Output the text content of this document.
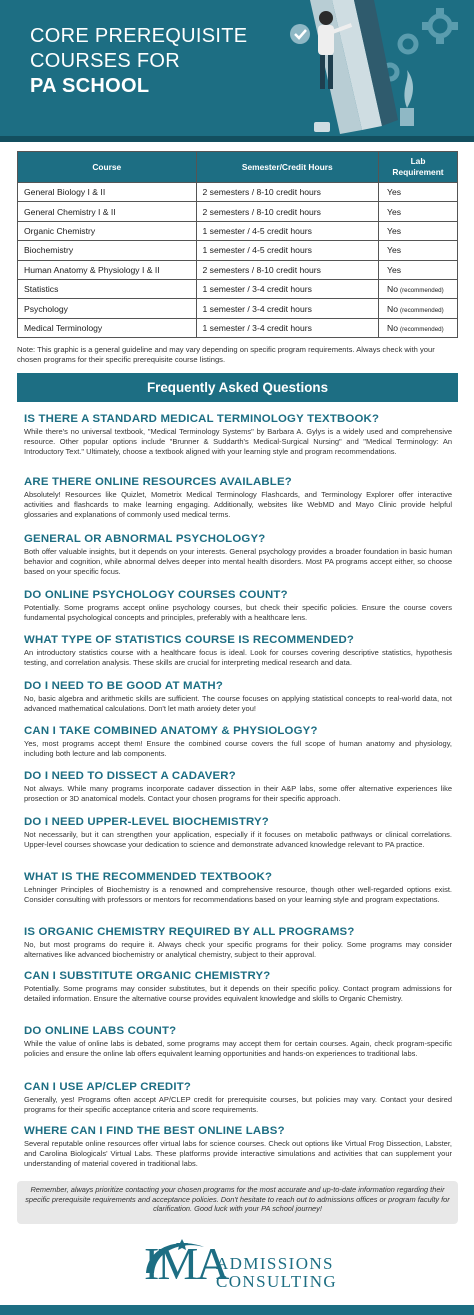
CORE PREREQUISITE
COURSES FOR
PA SCHOOL
Course	Semester/Credit Hours	Lab
Requirement

General Biology I & II	2 semesters / 8-10 credit hours	Yes
General Chemistry I & II	2 semesters / 8-10 credit hours	Yes
Organic Chemistry	1 semester / 4-5 credit hours	Yes
Biochemistry	1 semester / 4-5 credit hours	Yes
Human Anatomy & Physiology I & II	2 semesters / 8-10 credit hours	Yes
Statistics	1 semester / 3-4 credit hours	No (recommended)
Psychology	1 semester / 3-4 credit hours	No (recommended)
Medical Terminology	1 semester / 3-4 credit hours	No (recommended)
Note: This graphic is a general guideline and may vary depending on specific program requirements. Always check with your chosen programs for their specific prerequisite course listings.
Frequently Asked Questions
IS THERE A STANDARD MEDICAL TERMINOLOGY TEXTBOOK?
While there's no universal textbook, "Medical Terminology Systems" by Barbara A. Gylys is a widely used and comprehensive resource. Other popular options include "Brunner & Suddarth's Medical-Surgical Nursing" and "Medical Terminology: An Introductory Text." Ultimately, choose a textbook aligned with your learning style and program recommendations.
ARE THERE ONLINE RESOURCES AVAILABLE?
Absolutely! Resources like Quizlet, Mometrix Medical Terminology Flashcards, and Terminology Explorer offer interactive activities and flashcards to make learning engaging. Additionally, websites like WebMD and Mayo Clinic provide helpful glossaries and explanations of commonly used medical terms.
GENERAL OR ABNORMAL PSYCHOLOGY?
Both offer valuable insights, but it depends on your interests. General psychology provides a broader foundation in basic human behavior and cognition, while abnormal delves deeper into mental health disorders. Most PA programs accept either, so choose based on your specific focus.
DO ONLINE PSYCHOLOGY COURSES COUNT?
Potentially. Some programs accept online psychology courses, but check their specific policies. Ensure the course covers fundamental psychological concepts and principles, preferably with a healthcare lens.
WHAT TYPE OF STATISTICS COURSE IS RECOMMENDED?
An introductory statistics course with a healthcare focus is ideal. Look for courses covering descriptive statistics, hypothesis testing, and correlation analysis. These skills are crucial for interpreting medical research and data.
DO I NEED TO BE GOOD AT MATH?
No, basic algebra and arithmetic skills are sufficient. The course focuses on applying statistical concepts to real-world data, not advanced mathematical calculations. Don't let math anxiety deter you!
CAN I TAKE COMBINED ANATOMY & PHYSIOLOGY?
Yes, most programs accept them! Ensure the combined course covers the full scope of human anatomy and physiology, including both lecture and lab components.
DO I NEED TO DISSECT A CADAVER?
Not always. While many programs incorporate cadaver dissection in their A&P labs, some offer alternative experiences like prosection or 3D anatomical models. Contact your chosen programs for their specific approach.
DO I NEED UPPER-LEVEL BIOCHEMISTRY?
Not necessarily, but it can strengthen your application, especially if it focuses on metabolic pathways or clinical correlations. Upper-level courses showcase your dedication to science and demonstrate advanced knowledge relevant to PA practice.
WHAT IS THE RECOMMENDED TEXTBOOK?
Lehninger Principles of Biochemistry is a renowned and comprehensive resource, though other well-regarded options exist. Consider consulting with professors or mentors for recommendations based on your learning style and program expectations.
IS ORGANIC CHEMISTRY REQUIRED BY ALL PROGRAMS?
No, but most programs do require it. Always check your specific programs for their policy. Some programs may consider alternatives like advanced biochemistry or analytical chemistry, subject to their approval.
CAN I SUBSTITUTE ORGANIC CHEMISTRY?
Potentially. Some programs may consider substitutes, but it depends on their specific policy. Contact program admissions for detailed information. Ensure the alternative course provides equivalent knowledge and skills to Organic Chemistry.
DO ONLINE LABS COUNT?
While the value of online labs is debated, some programs may accept them for certain courses. Again, check program-specific policies and ensure the online lab offers equivalent learning opportunities and hands-on experiences to traditional labs.
CAN I USE AP/CLEP CREDIT?
Generally, yes! Programs often accept AP/CLEP credit for prerequisite courses, but policies may vary. Contact your desired programs for their specific acceptance criteria and score requirements.
WHERE CAN I FIND THE BEST ONLINE LABS?
Several reputable online resources offer virtual labs for science courses. Check out options like Virtual Frog Dissection, Labster, and Carolina Biologicals' Virtual Labs. These platforms provide interactive simulations and activities that can supplement your understanding of material covered in traditional labs.
Remember, always prioritize contacting your chosen programs for the most accurate and up-to-date information regarding their specific prerequisite requirements and acceptance policies. Don't hesitate to reach out to admissions offices or program faculty for clarification. Good luck with your PA school journey!
IMA
ADMISSIONS
CONSULTING
